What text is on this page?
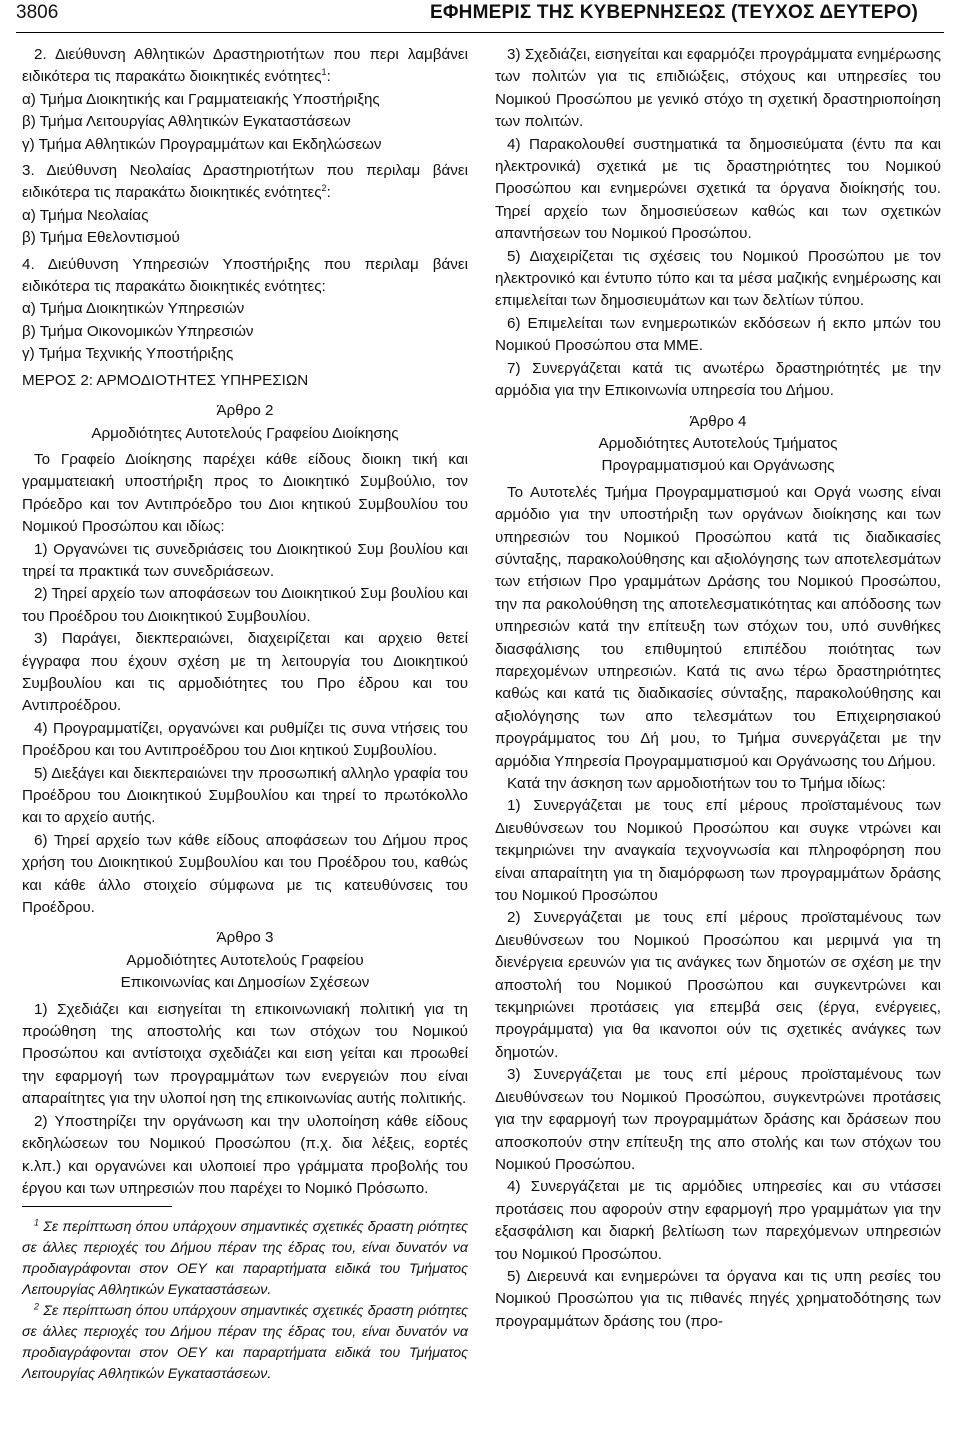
3806	ΕΦΗΜΕΡΙΣ ΤΗΣ ΚΥΒΕΡΝΗΣΕΩΣ (ΤΕΥΧΟΣ ΔΕΥΤΕΡΟ)

2. Διεύθυνση Αθλητικών Δραστηριοτήτων που περι λαμβάνει ειδικότερα τις παρακάτω διοικητικές ενότητες$^1$:

α) Τμήμα Διοικητικής και Γραμματειακής Υποστήριξης

β) Τμήμα Λειτουργίας Αθλητικών Εγκαταστάσεων

γ) Τμήμα Αθλητικών Προγραμμάτων και Εκδηλώσεων

3. Διεύθυνση Νεολαίας Δραστηριοτήτων που περιλαμ βάνει ειδικότερα τις παρακάτω διοικητικές ενότητες$^2$:

α) Τμήμα Νεολαίας

β) Τμήμα Εθελοντισμού

4. Διεύθυνση Υπηρεσιών Υποστήριξης που περιλαμ βάνει ειδικότερα τις παρακάτω διοικητικές ενότητες:

α) Τμήμα Διοικητικών Υπηρεσιών

β) Τμήμα Οικονομικών Υπηρεσιών

γ) Τμήμα Τεχνικής Υποστήριξης

ΜΕΡΟΣ 2: ΑΡΜΟΔΙΟΤΗΤΕΣ ΥΠΗΡΕΣΙΩΝ

Άρθρο 2

Αρμοδιότητες Αυτοτελούς Γραφείου Διοίκησης

Το Γραφείο Διοίκησης παρέχει κάθε είδους διοικη τική και γραμματειακή υποστήριξη προς το Διοικητικό Συμβούλιο, τον Πρόεδρο και τον Αντιπρόεδρο του Διοι κητικού Συμβουλίου του Νομικού Προσώπου και ιδίως:

1) Οργανώνει τις συνεδριάσεις του Διοικητικού Συμ βουλίου και τηρεί τα πρακτικά των συνεδριάσεων.

2) Τηρεί αρχείο των αποφάσεων του Διοικητικού Συμ βουλίου και του Προέδρου του Διοικητικού Συμβουλίου.

3) Παράγει, διεκπεραιώνει, διαχειρίζεται και αρχειο θετεί έγγραφα που έχουν σχέση με τη λειτουργία του Διοικητικού Συμβουλίου και τις αρμοδιότητες του Προ έδρου και του Αντιπροέδρου.

4) Προγραμματίζει, οργανώνει και ρυθμίζει τις συνα ντήσεις του Προέδρου και του Αντιπροέδρου του Διοι κητικού Συμβουλίου.

5) Διεξάγει και διεκπεραιώνει την προσωπική αλληλο γραφία του Προέδρου του Διοικητικού Συμβουλίου και τηρεί το πρωτόκολλο και το αρχείο αυτής.

6) Τηρεί αρχείο των κάθε είδους αποφάσεων του Δήμου προς χρήση του Διοικητικού Συμβουλίου και του Προέδρου του, καθώς και κάθε άλλο στοιχείο σύμφωνα με τις κατευθύνσεις του Προέδρου.

Άρθρο 3

Αρμοδιότητες Αυτοτελούς Γραφείου

Επικοινωνίας και Δημοσίων Σχέσεων

1) Σχεδιάζει και εισηγείται τη επικοινωνιακή πολιτική για τη προώθηση της αποστολής και των στόχων του Νομικού Προσώπου και αντίστοιχα σχεδιάζει και ειση γείται και προωθεί την εφαρμογή των προγραμμάτων των ενεργειών που είναι απαραίτητες για την υλοποί ηση της επικοινωνίας αυτής πολιτικής.

2) Υποστηρίζει την οργάνωση και την υλοποίηση κάθε είδους εκδηλώσεων του Νομικού Προσώπου (π.χ. δια λέξεις, εορτές κ.λπ.) και οργανώνει και υλοποιεί προ γράμματα προβολής του έργου και των υπηρεσιών που παρέχει το Νομικό Πρόσωπο.

$^1$ Σε περίπτωση όπου υπάρχουν σημαντικές σχετικές δραστη ριότητες σε άλλες περιοχές του Δήμου πέραν της έδρας του, είναι δυνατόν να προδιαγράφονται στον ΟΕΥ και παραρτήματα ειδικά του Τμήματος Λειτουργίας Αθλητικών Εγκαταστάσεων.

$^2$ Σε περίπτωση όπου υπάρχουν σημαντικές σχετικές δραστη ριότητες σε άλλες περιοχές του Δήμου πέραν της έδρας του, είναι δυνατόν να προδιαγράφονται στον ΟΕΥ και παραρτήματα ειδικά του Τμήματος Λειτουργίας Αθλητικών Εγκαταστάσεων.

3) Σχεδιάζει, εισηγείται και εφαρμόζει προγράμματα ενημέρωσης των πολιτών για τις επιδιώξεις, στόχους και υπηρεσίες του Νομικού Προσώπου με γενικό στόχο τη σχετική δραστηριοποίηση των πολιτών.

4) Παρακολουθεί συστηματικά τα δημοσιεύματα (έντυ πα και ηλεκτρονικά) σχετικά με τις δραστηριότητες του Νομικού Προσώπου και ενημερώνει σχετικά τα όργανα διοίκησής του. Τηρεί αρχείο των δημοσιεύσεων καθώς και των σχετικών απαντήσεων του Νομικού Προσώπου.

5) Διαχειρίζεται τις σχέσεις του Νομικού Προσώπου με τον ηλεκτρονικό και έντυπο τύπο και τα μέσα μαζικής ενημέρωσης και επιμελείται των δημοσιευμάτων και των δελτίων τύπου.

6) Επιμελείται των ενημερωτικών εκδόσεων ή εκπο μπών του Νομικού Προσώπου στα ΜΜΕ.

7) Συνεργάζεται κατά τις ανωτέρω δραστηριότητές με την αρμόδια για την Επικοινωνία υπηρεσία του Δήμου.

Άρθρο 4

Αρμοδιότητες Αυτοτελούς Τμήματος

Προγραμματισμού και Οργάνωσης

Το Αυτοτελές Τμήμα Προγραμματισμού και Οργά νωσης είναι αρμόδιο για την υποστήριξη των οργάνων διοίκησης και των υπηρεσιών του Νομικού Προσώπου κατά τις διαδικασίες σύνταξης, παρακολούθησης και αξιολόγησης των αποτελεσμάτων των ετήσιων Προ γραμμάτων Δράσης του Νομικού Προσώπου, την πα ρακολούθηση της αποτελεσματικότητας και απόδοσης των υπηρεσιών κατά την επίτευξη των στόχων του, υπό συνθήκες διασφάλισης του επιθυμητού επιπέδου ποιότητας των παρεχομένων υπηρεσιών. Κατά τις ανω τέρω δραστηριότητες καθώς και κατά τις διαδικασίες σύνταξης, παρακολούθησης και αξιολόγησης των απο τελεσμάτων του Επιχειρησιακού προγράμματος του Δή μου, το Τμήμα συνεργάζεται με την αρμόδια Υπηρεσία Προγραμματισμού και Οργάνωσης του Δήμου.

Κατά την άσκηση των αρμοδιοτήτων του το Τμήμα ιδίως:

1) Συνεργάζεται με τους επί μέρους προϊσταμένους των Διευθύνσεων του Νομικού Προσώπου και συγκε ντρώνει και τεκμηριώνει την αναγκαία τεχνογνωσία και πληροφόρηση που είναι απαραίτητη για τη διαμόρφωση των προγραμμάτων δράσης του Νομικού Προσώπου

2) Συνεργάζεται με τους επί μέρους προϊσταμένους των Διευθύνσεων του Νομικού Προσώπου και μεριμνά για τη διενέργεια ερευνών για τις ανάγκες των δημοτών σε σχέση με την αποστολή του Νομικού Προσώπου και συγκεντρώνει και τεκμηριώνει προτάσεις για επεμβά σεις (έργα, ενέργειες, προγράμματα) για θα ικανοποι ούν τις σχετικές ανάγκες των δημοτών.

3) Συνεργάζεται με τους επί μέρους προϊσταμένους των Διευθύνσεων του Νομικού Προσώπου, συγκεντρώνει προτάσεις για την εφαρμογή των προγραμμάτων δράσης και δράσεων που αποσκοπούν στην επίτευξη της απο στολής και των στόχων του Νομικού Προσώπου.

4) Συνεργάζεται με τις αρμόδιες υπηρεσίες και συ ντάσσει προτάσεις που αφορούν στην εφαρμογή προ γραμμάτων για την εξασφάλιση και διαρκή βελτίωση των παρεχόμενων υπηρεσιών του Νομικού Προσώπου.

5) Διερευνά και ενημερώνει τα όργανα και τις υπη ρεσίες του Νομικού Προσώπου για τις πιθανές πηγές χρηματοδότησης των προγραμμάτων δράσης του (προ-
